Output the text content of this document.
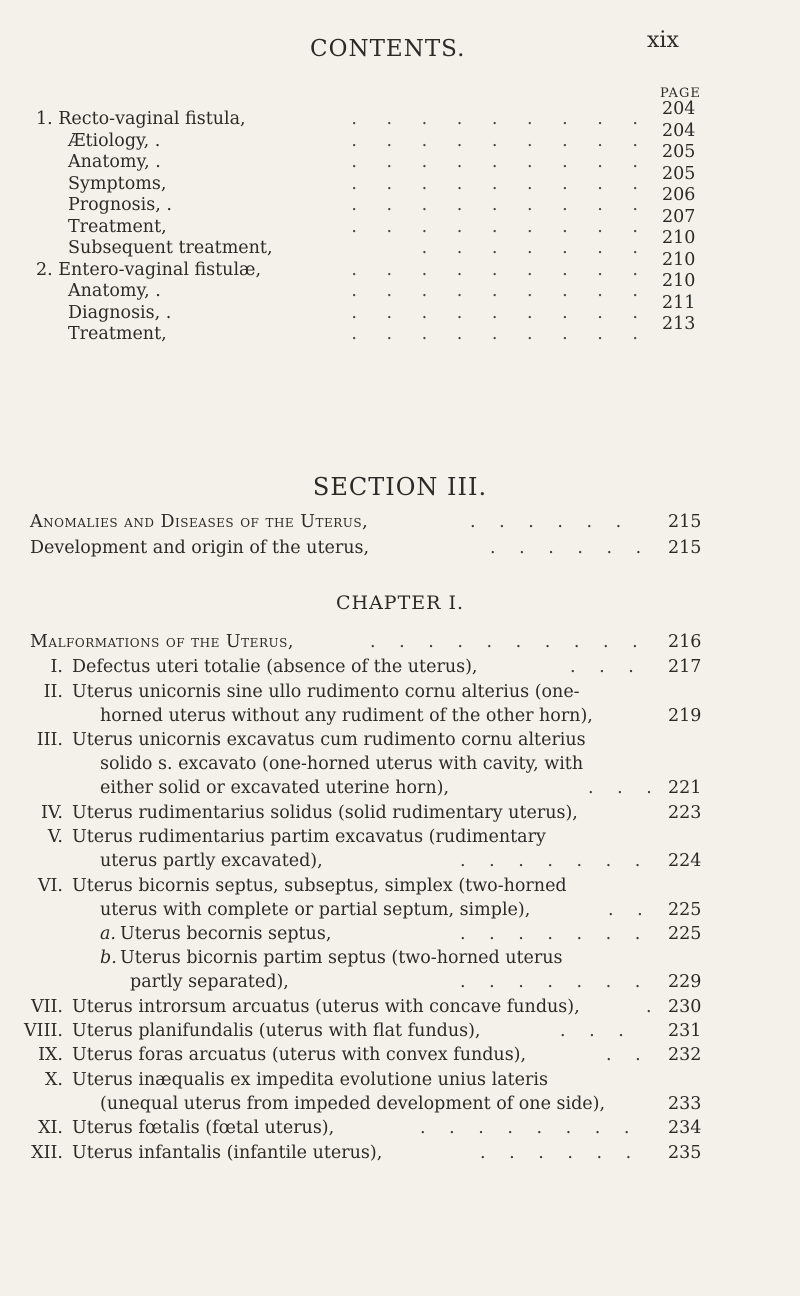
CONTENTS.	xix
PAGE
1. Recto-vaginal fistula,	. . . . . . . . . 204
Ætiology, .	. . . . . . . . . 204
Anatomy, .	. . . . . . . . . 205
Symptoms,	. . . . . . . . . 205
Prognosis, .	. . . . . . . . . 206
Treatment,	. . . . . . . . . 207
Subsequent treatment,	. . . . . . . 210
2. Entero-vaginal fistulæ,	. . . . . . . . . 210
Anatomy, .	. . . . . . . . . 210
Diagnosis, .	. . . . . . . . . 211
Treatment,	. . . . . . . . . 213
SECTION III.
Anomalies and Diseases of the Uterus,	. . . . . . 215
Development and origin of the uterus,	. . . . . . 215
CHAPTER I.
Malformations of the Uterus,	. . . . . . . . . . 216
I. Defectus uteri totalie (absence of the uterus),	. . . 217
II. Uterus unicornis sine ullo rudimento cornu alterius (one-
horned uterus without any rudiment of the other horn),	219
III. Uterus unicornis excavatus cum rudimento cornu alterius
solido s. excavato (one-horned uterus with cavity, with
either solid or excavated uterine horn),	. . . 221
IV. Uterus rudimentarius solidus (solid rudimentary uterus),	223
V. Uterus rudimentarius partim excavatus (rudimentary
uterus partly excavated),	. . . . . . . 224
VI. Uterus bicornis septus, subseptus, simplex (two-horned
uterus with complete or partial septum, simple),	. . 225
a. Uterus becornis septus,	. . . . . . . 225
b. Uterus bicornis partim septus (two-horned uterus
partly separated),	. . . . . . . 229
VII. Uterus introrsum arcuatus (uterus with concave fundus),	. 230
VIII. Uterus planifundalis (uterus with flat fundus),	. . . 231
IX. Uterus foras arcuatus (uterus with convex fundus),	. . 232
X. Uterus inæqualis ex impedita evolutione unius lateris
(unequal uterus from impeded development of one side),	233
XI. Uterus fœtalis (fœtal uterus),	. . . . . . . . 234
XII. Uterus infantalis (infantile uterus),	. . . . . . 235
